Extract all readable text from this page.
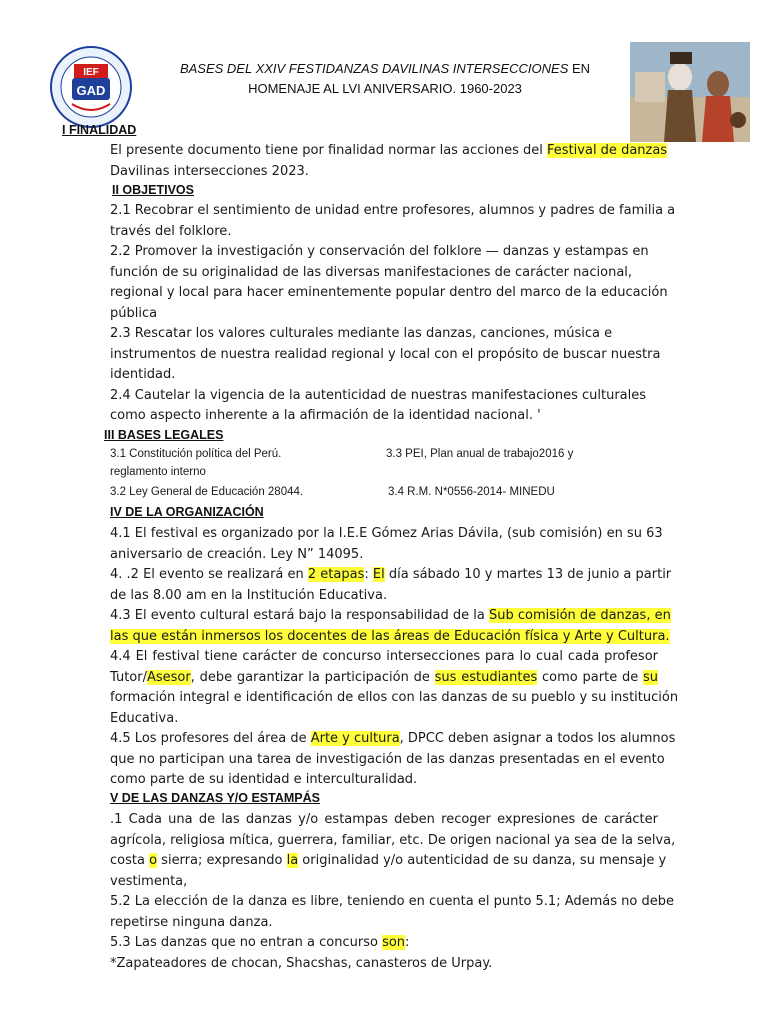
IEF
GAD
BASES DEL XXIV FESTIDANZAS DAVILINAS INTERSECCIONES EN
HOMENAJE AL LVI ANIVERSARIO. 1960-2023
I FINALIDAD
El presente documento tiene por finalidad normar las acciones del Festival de danzas
Davilinas intersecciones 2023.
II OBJETIVOS
2.1 Recobrar el sentimiento de unidad entre profesores, alumnos y padres de familia a
través del folklore.
2.2 Promover la investigación y conservación del folklore — danzas y estampas en
función de su originalidad de las diversas manifestaciones de carácter nacional,
regional y local para hacer eminentemente popular dentro del marco de la educación
pública
2.3 Rescatar los valores culturales mediante las danzas, canciones, música e
instrumentos de nuestra realidad regional y local con el propósito de buscar nuestra
identidad.
2.4 Cautelar la vigencia de la autenticidad de nuestras manifestaciones culturales
como aspecto inherente a la afirmación de la identidad nacional. '
III BASES LEGALES
3.1 Constitución política del Perú.
reglamento interno
3.3 PEI, Plan anual de trabajo2016 y
3.2 Ley General de Educación 28044.	3.4 R.M. N*0556-2014- MINEDU
IV DE LA ORGANIZACIÓN
4.1 El festival es organizado por la I.E.E Gómez Arias Dávila, (sub comisión) en su 63
aniversario de creación. Ley N” 14095.
4. .2 El evento se realizará en 2 etapas: El día sábado 10 y martes 13 de junio a partir
de las 8.00 am en la Institución Educativa.
4.3 El evento cultural estará bajo la responsabilidad de la Sub comisión de danzas, en
las que están inmersos los docentes de las áreas de Educación física y Arte y Cultura.
4.4 El festival tiene carácter de concurso intersecciones para lo cual cada profesor
Tutor/Asesor, debe garantizar la participación de sus estudiantes como parte de su
formación integral e identificación de ellos con las danzas de su pueblo y su institución
Educativa.
4.5 Los profesores del área de Arte y cultura, DPCC deben asignar a todos los alumnos
que no participan una tarea de investigación de las danzas presentadas en el evento
como parte de su identidad e interculturalidad.
V DE LAS DANZAS Y/O ESTAMPÁS
.1 Cada una de las danzas y/o estampas deben recoger expresiones de carácter
agrícola, religiosa mítica, guerrera, familiar, etc. De origen nacional ya sea de la selva,
costa o sierra; expresando la originalidad y/o autenticidad de su danza, su mensaje y
vestimenta,
5.2 La elección de la danza es libre, teniendo en cuenta el punto 5.1; Además no debe
repetirse ninguna danza.
5.3 Las danzas que no entran a concurso son:
*Zapateadores de chocan, Shacshas, canasteros de Urpay.
